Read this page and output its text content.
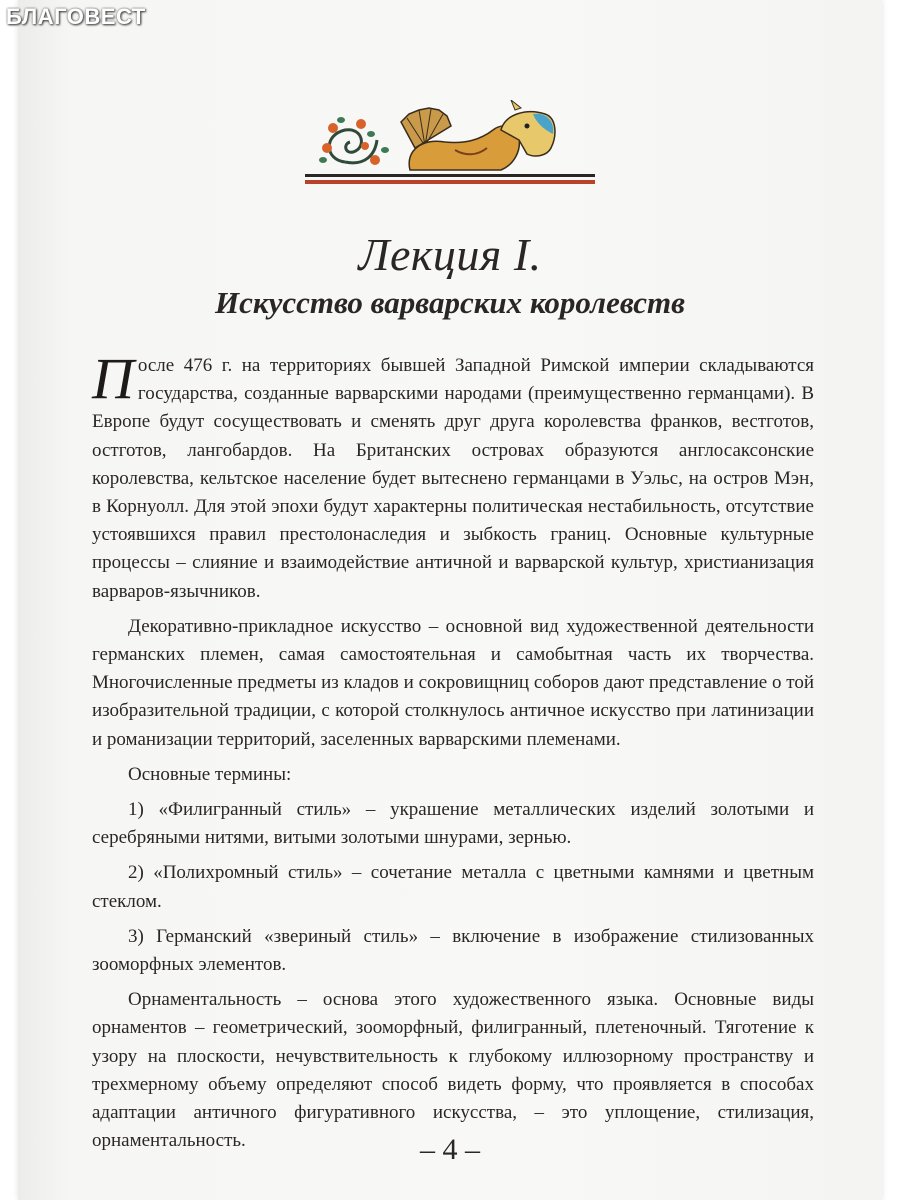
БЛАГОВЕСТ
Лекция I.
Искусство варварских королевств

После 476 г. на территориях бывшей Западной Римской империи складываются государства, созданные варварскими народами (преимущественно германцами). В Европе будут сосуществовать и сменять друг друга королевства франков, вестготов, остготов, лангобардов. На Британских островах образуются англосаксонские королевства, кельтское население будет вытеснено германцами в Уэльс, на остров Мэн, в Корнуолл. Для этой эпохи будут характерны политическая нестабильность, отсутствие устоявшихся правил престолонаследия и зыбкость границ. Основные культурные процессы – слияние и взаимодействие античной и варварской культур, христианизация варваров-язычников.

Декоративно-прикладное искусство – основной вид художественной деятельности германских племен, самая самостоятельная и самобытная часть их творчества. Многочисленные предметы из кладов и сокровищниц соборов дают представление о той изобразительной традиции, с которой столкнулось античное искусство при латинизации и романизации территорий, заселенных варварскими племенами.

Основные термины:

1) «Филигранный стиль» – украшение металлических изделий золотыми и серебряными нитями, витыми золотыми шнурами, зернью.

2) «Полихромный стиль» – сочетание металла с цветными камнями и цветным стеклом.

3) Германский «звериный стиль» – включение в изображение стилизованных зооморфных элементов.

Орнаментальность – основа этого художественного языка. Основные виды орнаментов – геометрический, зооморфный, филигранный, плетеночный. Тяготение к узору на плоскости, нечувствительность к глубокому иллюзорному пространству и трехмерному объему определяют способ видеть форму, что проявляется в способах адаптации античного фигуративного искусства, – это уплощение, стилизация, орнаментальность.	– 4 –
